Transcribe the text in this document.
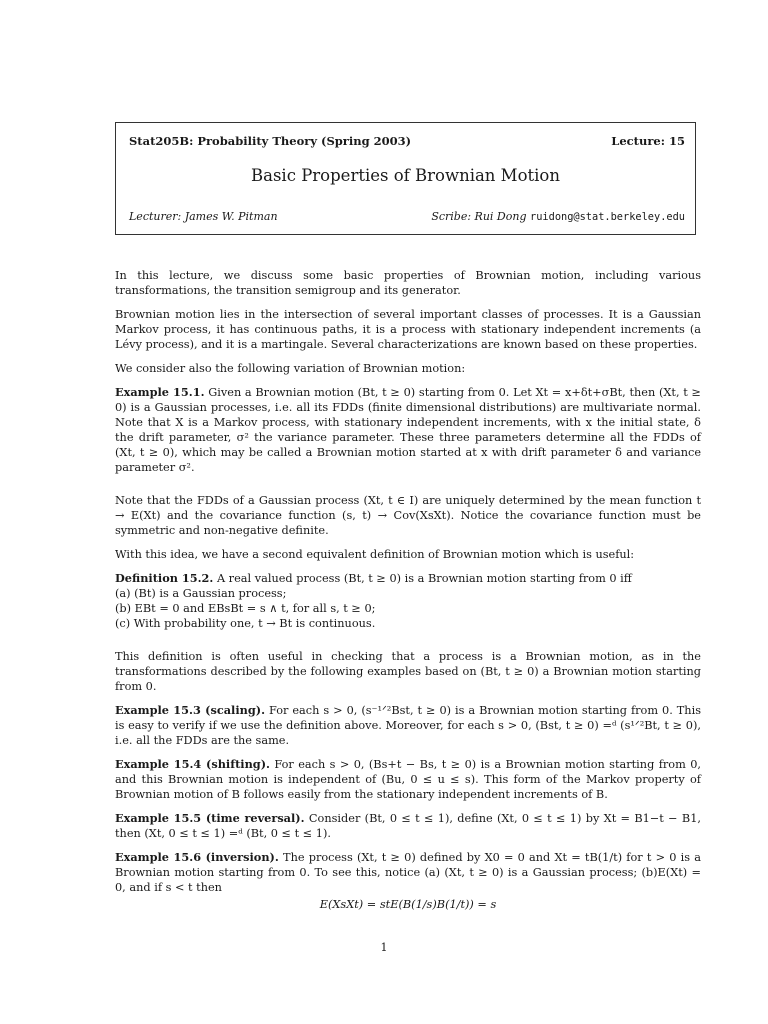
Stat205B: Probability Theory (Spring 2003)	Lecture: 15
Basic Properties of Brownian Motion
Lecturer: James W. Pitman	Scribe: Rui Dong ruidong@stat.berkeley.edu

In this lecture, we discuss some basic properties of Brownian motion, including various transformations, the transition semigroup and its generator.

Brownian motion lies in the intersection of several important classes of processes. It is a Gaussian Markov process, it has continuous paths, it is a process with stationary independent increments (a Lévy process), and it is a martingale. Several characterizations are known based on these properties.

We consider also the following variation of Brownian motion:

Example 15.1. Given a Brownian motion (Bt, t ≥ 0) starting from 0. Let Xt = x+δt+σBt, then (Xt, t ≥ 0) is a Gaussian processes, i.e. all its FDDs (finite dimensional distributions) are multivariate normal. Note that X is a Markov process, with stationary independent increments, with x the initial state, δ the drift parameter, σ² the variance parameter. These three parameters determine all the FDDs of (Xt, t ≥ 0), which may be called a Brownian motion started at x with drift parameter δ and variance parameter σ².

Note that the FDDs of a Gaussian process (Xt, t ∈ I) are uniquely determined by the mean function t → E(Xt) and the covariance function (s, t) → Cov(XsXt). Notice the covariance function must be symmetric and non-negative definite.

With this idea, we have a second equivalent definition of Brownian motion which is useful:

Definition 15.2. A real valued process (Bt, t ≥ 0) is a Brownian motion starting from 0 iff
(a) (Bt) is a Gaussian process;
(b) EBt = 0 and EBsBt = s ∧ t, for all s, t ≥ 0;
(c) With probability one, t → Bt is continuous.

This definition is often useful in checking that a process is a Brownian motion, as in the transformations described by the following examples based on (Bt, t ≥ 0) a Brownian motion starting from 0.

Example 15.3 (scaling). For each s > 0, (s⁻¹ᐟ²Bst, t ≥ 0) is a Brownian motion starting from 0. This is easy to verify if we use the definition above. Moreover, for each s > 0, (Bst, t ≥ 0) =ᵈ (s¹ᐟ²Bt, t ≥ 0), i.e. all the FDDs are the same.

Example 15.4 (shifting). For each s > 0, (Bs+t − Bs, t ≥ 0) is a Brownian motion starting from 0, and this Brownian motion is independent of (Bu, 0 ≤ u ≤ s). This form of the Markov property of Brownian motion of B follows easily from the stationary independent increments of B.

Example 15.5 (time reversal). Consider (Bt, 0 ≤ t ≤ 1), define (Xt, 0 ≤ t ≤ 1) by Xt = B1−t − B1, then (Xt, 0 ≤ t ≤ 1) =ᵈ (Bt, 0 ≤ t ≤ 1).

Example 15.6 (inversion). The process (Xt, t ≥ 0) defined by X0 = 0 and Xt = tB(1/t) for t > 0 is a Brownian motion starting from 0. To see this, notice (a) (Xt, t ≥ 0) is a Gaussian process; (b)E(Xt) = 0, and if s < t then

E(XsXt) = stE(B(1/s)B(1/t)) = s
1
